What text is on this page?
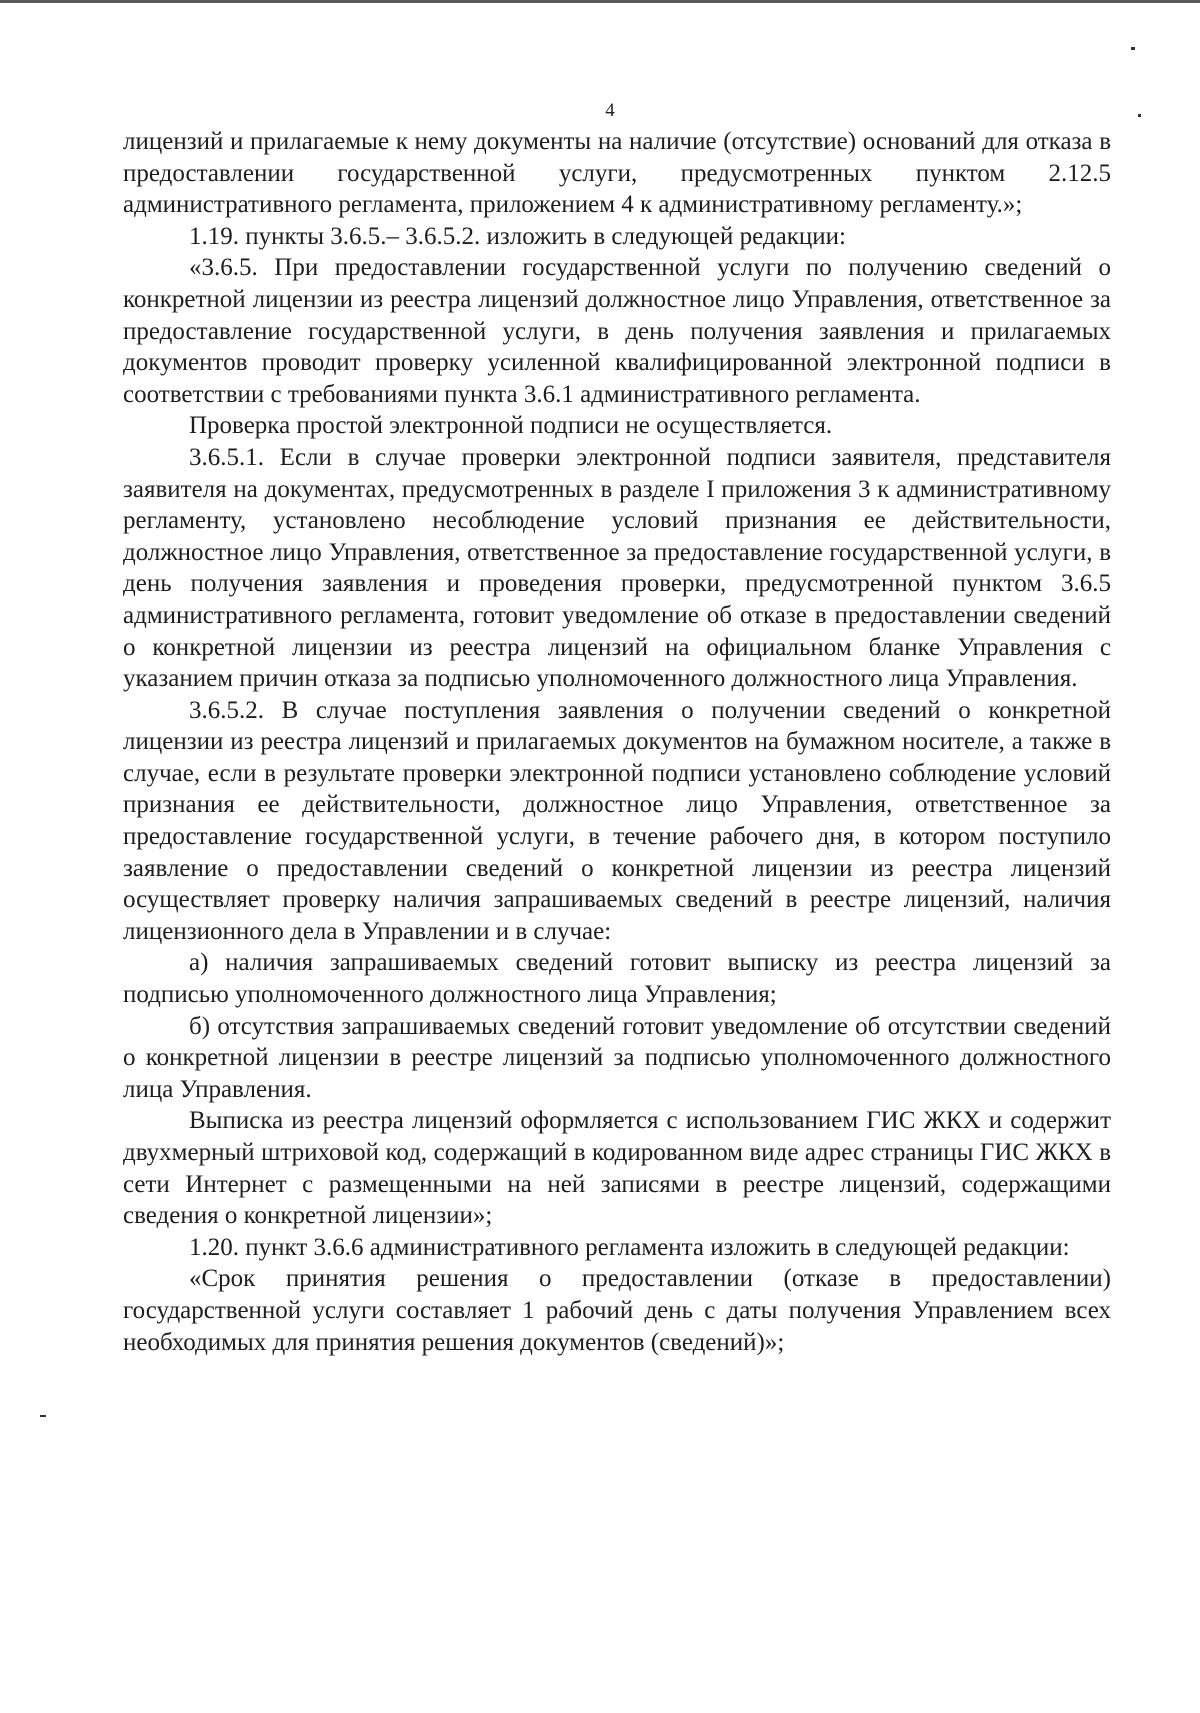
4

лицензий и прилагаемые к нему документы на наличие (отсутствие) оснований для отказа в предоставлении государственной услуги, предусмотренных пунктом 2.12.5 административного регламента, приложением 4 к административному регламенту.»;

1.19. пункты 3.6.5.– 3.6.5.2. изложить в следующей редакции:

«3.6.5. При предоставлении государственной услуги по получению сведений о конкретной лицензии из реестра лицензий должностное лицо Управления, ответственное за предоставление государственной услуги, в день получения заявления и прилагаемых документов проводит проверку усиленной квалифицированной электронной подписи в соответствии с требованиями пункта 3.6.1 административного регламента.

Проверка простой электронной подписи не осуществляется.

3.6.5.1. Если в случае проверки электронной подписи заявителя, представителя заявителя на документах, предусмотренных в разделе I приложения 3 к административному регламенту, установлено несоблюдение условий признания ее действительности, должностное лицо Управления, ответственное за предоставление государственной услуги, в день получения заявления и проведения проверки, предусмотренной пунктом 3.6.5 административного регламента, готовит уведомление об отказе в предоставлении сведений о конкретной лицензии из реестра лицензий на официальном бланке Управления с указанием причин отказа за подписью уполномоченного должностного лица Управления.

3.6.5.2. В случае поступления заявления о получении сведений о конкретной лицензии из реестра лицензий и прилагаемых документов на бумажном носителе, а также в случае, если в результате проверки электронной подписи установлено соблюдение условий признания ее действительности, должностное лицо Управления, ответственное за предоставление государственной услуги, в течение рабочего дня, в котором поступило заявление о предоставлении сведений о конкретной лицензии из реестра лицензий осуществляет проверку наличия запрашиваемых сведений в реестре лицензий, наличия лицензионного дела в Управлении и в случае:

а) наличия запрашиваемых сведений готовит выписку из реестра лицензий за подписью уполномоченного должностного лица Управления;

б) отсутствия запрашиваемых сведений готовит уведомление об отсутствии сведений о конкретной лицензии в реестре лицензий за подписью уполномоченного должностного лица Управления.

Выписка из реестра лицензий оформляется с использованием ГИС ЖКХ и содержит двухмерный штриховой код, содержащий в кодированном виде адрес страницы ГИС ЖКХ в сети Интернет с размещенными на ней записями в реестре лицензий, содержащими сведения о конкретной лицензии»;

1.20. пункт 3.6.6 административного регламента изложить в следующей редакции:

«Срок принятия решения о предоставлении (отказе в предоставлении) государственной услуги составляет 1 рабочий день с даты получения Управлением всех необходимых для принятия решения документов (сведений)»;
